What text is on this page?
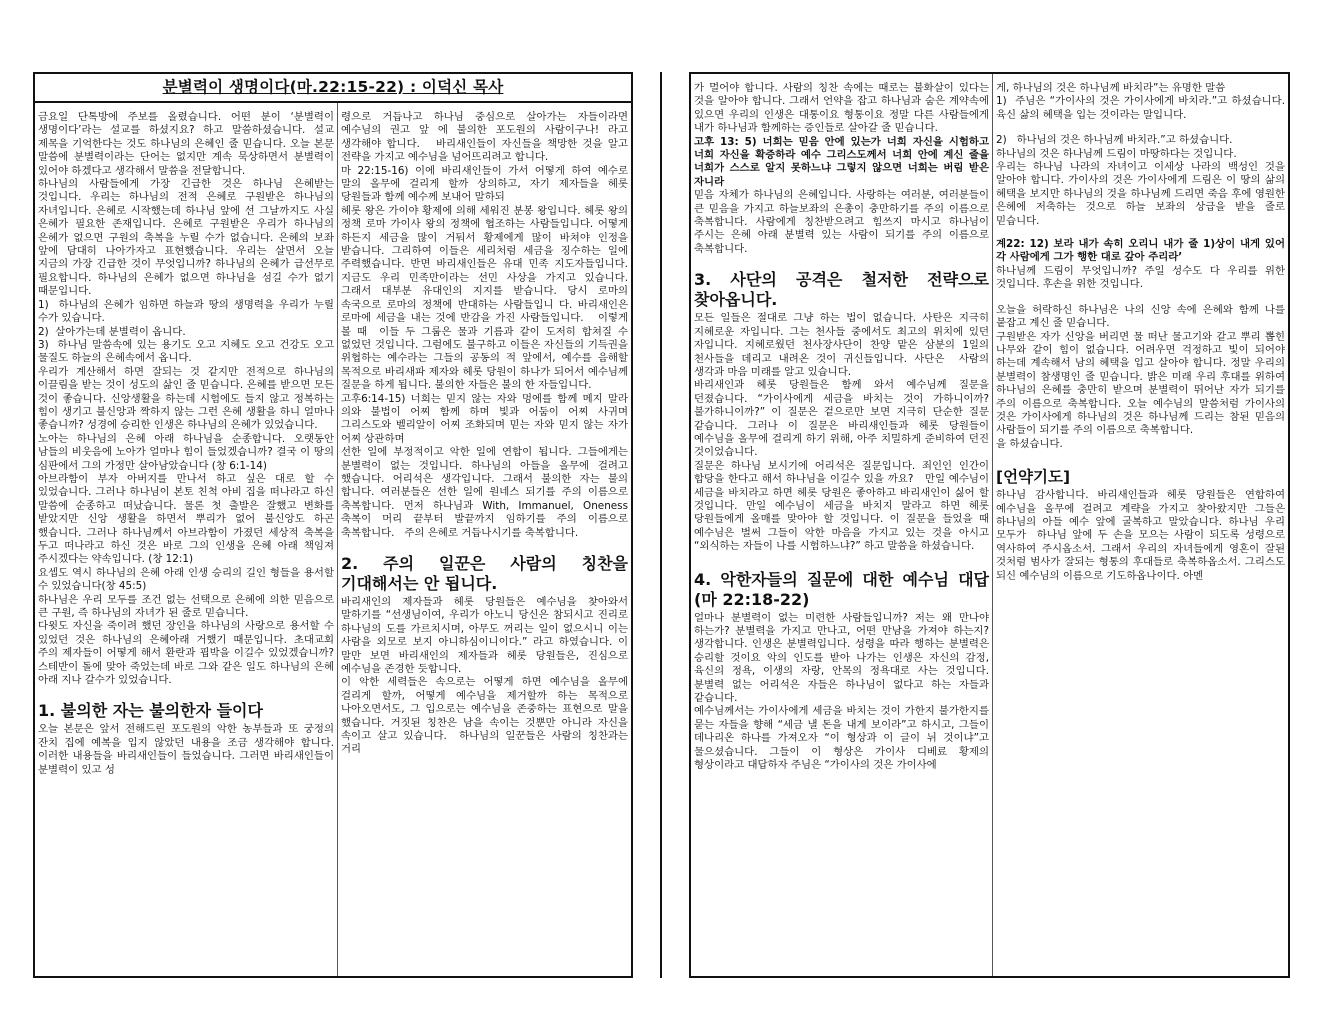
분별력이 생명이다(마.22:15-22) : 이덕신 목사

금요일 단톡방에 주보를 올렸습니다. 어떤 분이 ‘분별력이 생명이다’라는 설교를 하셨지요? 하고 말씀하셨습니다. 설교 제목을 기억한다는 것도 하나님의 은혜인 줄 믿습니다. 오늘 본문 말씀에 분별력이라는 단어는 없지만 계속 묵상하면서 분별력이 있어야 하겠다고 생각해서 말씀을 전달합니다.

하나님의 사람들에게 가장 긴급한 것은 하나님 은혜받는 것입니다. 우리는 하나님의 전적 은혜로 구원받은 하나님의 자녀입니다. 은혜로 시작했는데 하나님 앞에 선 그날까지도 사실 은혜가 필요한 존재입니다. 은혜로 구원받은 우리가 하나님의 은혜가 없으면 구원의 축복을 누릴 수가 없습니다. 은혜의 보좌 앞에 담대히 나아가자고 표현했습니다. 우리는 살면서 오늘 지금의 가장 긴급한 것이 무엇입니까? 하나님의 은혜가 급선무로 필요합니다. 하나님의 은혜가 없으면 하나님을 섬길 수가 없기 때문입니다.

1)  하나님의 은혜가 임하면 하늘과 땅의 생명력을 우리가 누릴 수가 있습니다.

2)  살아가는데 분별력이 옵니다.

3)  하나님 말씀속에 있는 용기도 오고 지혜도 오고 건강도 오고 물질도 하늘의 은혜속에서 옵니다.

우리가 계산해서 하면 잘되는 것 같지만 전적으로 하나님의 이끌림을 받는 것이 성도의 삶인 줄 믿습니다. 은혜를 받으면 모든 것이 좋습니다. 신앙생활을 하는데 시험에도 들지 않고 정복하는 힘이 생기고 불신앙과 짝하지 않는 그런 은혜 생활을 하니 얼마나 좋습니까? 성경에 승리한 인생은 하나님의 은혜가 있었습니다.

노아는 하나님의 은혜 아래 하나님을 순종합니다. 오랫동안 남들의 비웃음에 노아가 얼마나 힘이 들었겠습니까? 결국 이 땅의 심판에서 그의 가정만 살아남았습니다 (창 6:1-14)

아브라함이 부자 아버지를 만나서 하고 싶은 대로 할 수 있었습니다. 그러나 하나님이 본토 친척 아비 집을 떠나라고 하신 말씀에 순종하고 떠났습니다. 물론 첫 출발은 잘했고 변화를 받았지만 신앙 생활을 하면서 뿌리가 없어 불신앙도 하곤 했습니다. 그러나 하나님께서 아브라함이 가졌던 세상적 축복을 두고 떠나라고 하신 것은 바로 그의 인생을 은혜 아래 책임져 주시겠다는 약속입니다. (창 12:1)

요셉도 역시 하나님의 은혜 아래 인생 승리의 길인 형들을 용서할 수 있었습니다(창 45:5)

하나님은 우리 모두를 조건 없는 선택으로 은혜에 의한 믿음으로 큰 구원, 즉 하나님의 자녀가 된 줄로 믿습니다.

다윗도 자신을 죽이려 했던 장인을 하나님의 사랑으로 용서할 수 있었던 것은 하나님의 은혜아래 거했기 때문입니다. 초대교회 주의 제자들이 어떻게 해서 환란과 핍박을 이길수 있었겠습니까? 스테반이 돌에 맞아 죽었는데 바로 그와 같은 일도 하나님의 은혜 아래 지나 갈수가 있었습니다.

1. 불의한 자는 불의한자 들이다

오늘 본문은 앞서 전해드린 포도원의 악한 농부들과 또 궁정의 잔치 집에 예복을 입지 않았던 내용을 조금 생각해야 합니다. 이러한 내용들을 바리새인들이 들었습니다. 그러면 바리새인들이 분별력이 있고 성

령으로 거듭나고 하나님 중심으로 살아가는 자들이라면 예수님의 권고 앞 에 불의한 포도원의 사람이구나! 라고 생각해야 합니다.   바리새인들이 자신들을 책망한 것을 알고 전략을 가지고 예수님을 넘어뜨리려고 합니다.

마 22:15-16) 이에 바리새인들이 가서 어떻게 하여 예수로 말의 올무에 걸리게 할까 상의하고, 자기 제자들을 헤롯 당원들과 함께 예수께 보내어 말하되

헤롯 왕은 가이야 황제에 의해 세워진 분봉 왕입니다. 헤롯 왕의 정책 로마 가이사 왕의 정책에 협조하는 사람들입니다. 어떻게 하든지 세금을 많이 거둬서 황제에게 많이 바쳐야 인정을 받습니다. 그리하여 이들은 세리처럼 세금을 징수하는 일에 주력했습니다. 반면 바리새인들은 유대 민족 지도자들입니다. 지금도 우리 민족만이라는 선민 사상을 가지고 있습니다. 그래서 대부분 유대인의 지지를 받습니다. 당시 로마의 속국으로 로마의 정책에 반대하는 사람들입니 다. 바리새인은 로마에 세금을 내는 것에 반감을 가진 사람들입니다.   이렇게 볼 때  이들 두 그룹은 물과 기름과 같이 도저히 합쳐질 수 없었던 것입니다. 그럼에도 불구하고 이들은 자신들의 기득권을 위협하는 예수라는 그들의 공동의 적 앞에서, 예수를 음해할 목적으로 바리새파 제자와 헤롯 당원이 하나가 되어서 예수님께 질문을 하게 됩니다. 불의한 자들은 불의 한 자들입니다.

고후6:14-15) 너희는 믿지 않는 자와 멍에를 함께 메지 말라 의와 불법이 어찌 함께 하며 빛과 어둠이 어찌 사귀며 그리스도와 벨리알이 어찌 조화되며 믿는 자와 믿지 않는 자가 어찌 상관하며

선한 일에 부정적이고 악한 일에 연합이 됩니다. 그들에게는 분별력이 없는 것입니다. 하나님의 아들을 올무에 걸려고 했습니다. 어리석은 생각입니다. 그래서 불의한 자는 불의 합니다. 여러분들은 선한 일에 원네스 되기를 주의 이름으로 축복합니다. 먼저 하나님과 With, Immanuel, Oneness 축복이 머리 끝부터 발끝까지 임하기를 주의 이름으로 축복합니다.   주의 은혜로 거듭나시기를 축복합니다.

2. 주의 일꾼은 사람의 칭찬을 기대해서는 안 됩니다.

바리새인의 제자들과 헤롯 당원들은 예수님을 찾아와서 말하기를 “선생님이여, 우리가 아노니 당신은 참되시고 진리로 하나님의 도를 가르치시며, 아무도 꺼리는 일이 없으시니 이는 사람을 외모로 보지 아니하심이니이다.” 라고 하였습니다. 이 말만 보면 바리새인의 제자들과 헤롯 당원들은, 진심으로 예수님을 존경한 듯합니다.

이 악한 세력들은 속으로는 어떻게 하면 예수님을 올무에 걸리게 할까, 어떻게 예수님을 제거할까 하는 목적으로 나아오면서도, 그 입으로는 예수님을 존중하는 표현으로 말을 했습니다. 거짓된 칭찬은 남을 속이는 것뿐만 아니라 자신을 속이고 살고 있습니다.  하나님의 일꾼들은 사람의 칭찬과는 거리

가 멀어야 합니다. 사람의 칭찬 속에는 때로는 불화살이 있다는 것을 알아야 합니다. 그래서 언약을 잡고 하나님과 숨은 계약속에 있으면 우리의 인생은 대통이요 형통이요 정말 다른 사람들에게 내가 하나님과 함께하는 증인들로 살아갈 줄 믿습니다.

고후 13: 5) 너희는 믿음 안에 있는가 너희 자신을 시험하고 너희 자신을 확증하라 예수 그리스도께서 너희 안에 계신 줄을 너희가 스스로 알지 못하느냐 그렇지 않으면 너희는 버림 받은 자니라

믿음 자체가 하나님의 은혜입니다. 사랑하는 여러분, 여러분들이 큰 믿음을 가지고 하늘보좌의 은총이 충만하기를 주의 이름으로 축복합니다. 사람에게 칭찬받으려고 힘쓰지 마시고 하나님이 주시는 은혜 아래 분별력 있는 사람이 되기를 주의 이름으로 축복합니다.

3. 사단의 공격은 철저한 전략으로 찾아옵니다.

모든 일들은 절대로 그냥 하는 법이 없습니다. 사탄은 지극히 지혜로운 자입니다. 그는 천사들 중에서도 최고의 위치에 있던 자입니다. 지혜로웠던 천사장사단이 찬양 맡은 삼분의 1일의 천사들을 데리고 내려온 것이 귀신들입니다. 사단은  사람의 생각과 마음 미래를 알고 있습니다.

바리새인과 헤롯 당원들은 함께 와서 예수님께 질문을 던졌습니다. “가이사에게 세금을 바치는 것이 가하니이까? 불가하니이까?” 이 질문은 겉으로만 보면 지극히 단순한 질문 같습니다. 그러나 이 질문은 바리새인들과 헤롯 당원들이 예수님을 올무에 걸리게 하기 위해, 아주 치밀하게 준비하여 던진 것이었습니다.

질문은 하나님 보시기에 어리석은 질문입니다. 죄인인 인간이 합당을 한다고 해서 하나님을 이길수 있을 까요?   만일 예수님이 세금을 바치라고 하면 헤롯 당원은 좋아하고 바리새인이 싫어 할 것입니다. 만일 예수님이 세금을 바치지 말라고 하면 헤롯 당원들에게 올매를 맞아야 할 것입니다. 이 질문을 들었을 때 예수님은 벌써 그들이 악한 마음을 가지고 있는 것을 아시고 “외식하는 자들이 나를 시험하느냐?” 하고 말씀을 하셨습니다.

4. 악한자들의 질문에 대한 예수님 대답 (마 22:18-22)

얼마나 분별력이 없는 미련한 사람들입니까? 저는 왜 만나야 하는가? 분별력을 가지고 만나고, 어떤 만남을 가져야 하는지? 생각합니다. 인생은 분별력입니다. 성령을 따라 행하는 분별력은 승리할 것이요 악의 인도를 받아 나가는 인생은 자신의 감정, 육신의 정욕, 이생의 자랑, 안목의 정욕대로 사는 것입니다. 분별력 없는 어리석은 자들은 하나님이 없다고 하는 자들과 같습니다.

예수님께서는 가이사에게 세금을 바치는 것이 가한지 불가한지를 묻는 자들을 향해 “세금 낼 돈을 내게 보이라”고 하시고, 그들이 데나리온 하나를 가져오자 “이 형상과 이 글이 뉘 것이냐”고 물으셨습니다. 그들이 이 형상은 가이사 디베료 황제의 형상이라고 대답하자 주님은 “가이사의 것은 가이사에

게, 하나님의 것은 하나님께 바치라”는 유명한 말씀

1)  주님은 “가이사의 것은 가이사에게 바치라.”고 하셨습니다. 육신 삶의 혜택을 입는 것이라는 말입니다.

2)   하나님의 것은 하나님께 바치라.”고 하셨습니다.

하나님의 것은 하나님께 드림이 마땅하다는 것입니다.

우리는 하나님 나라의 자녀이고 이세상 나라의 백성인 것을 알아야 합니다. 가이사의 것은 가이사에게 드림은 이 땅의 삶의 혜택을 보지만 하나님의 것을 하나님께 드리면 죽음 후에 영원한 은혜에 저축하는 것으로 하늘 보좌의 상급을 받을 줄로 믿습니다.

계22: 12) 보라 내가 속히 오리니 내가 줄 1)상이 내게 있어 각 사람에게 그가 행한 대로 갚아 주리라’

하나님께 드림이 무엇입니까? 주일 성수도 다 우리를 위한 것입니다. 후손을 위한 것입니다.

오늘을 허락하신 하나님은 나의 신앙 속에 은혜와 함께 나를 붙잡고 계신 줄 믿습니다.

구원받은 자가 신앙을 버리면 물 떠난 물고기와 같고 뿌리 뽑힌 나무와 같이 힘이 없습니다. 어려우면 걱정하고 빛이 되어야 하는데 계속해서 남의 혜택을 입고 살아야 합니다. 정말 우리의 분별력이 참생명인 줄 믿습니다. 밝은 미래 우리 후대를 위하여 하나님의 은혜를 충만히 받으며 분별력이 뛰어난 자가 되기를 주의 이름으로 축복합니다. 오늘 예수님의 말씀처럼 가이사의 것은 가이사에게 하나님의 것은 하나님께 드리는 참된 믿음의 사람들이 되기를 주의 이름으로 축복합니다.

을 하셨습니다.

[언약기도]

하나님 감사합니다. 바리새인들과 헤롯 당원들은 연합하여 예수님을 올무에 걸려고 계략을 가지고 찾아왔지만 그들은 하나님의 아들 예수 앞에 굴복하고 말았습니다. 하나님 우리 모두가  하나님 앞에 두 손을 모으는 사람이 되도록 성령으로 역사하여 주시옵소서. 그래서 우리의 자녀들에게 영혼이 잘된 것처럼 범사가 잘되는 형통의 후대들로 축복하옵소서. 그리스도 되신 예수님의 이름으로 기도하옵나이다. 아멘
